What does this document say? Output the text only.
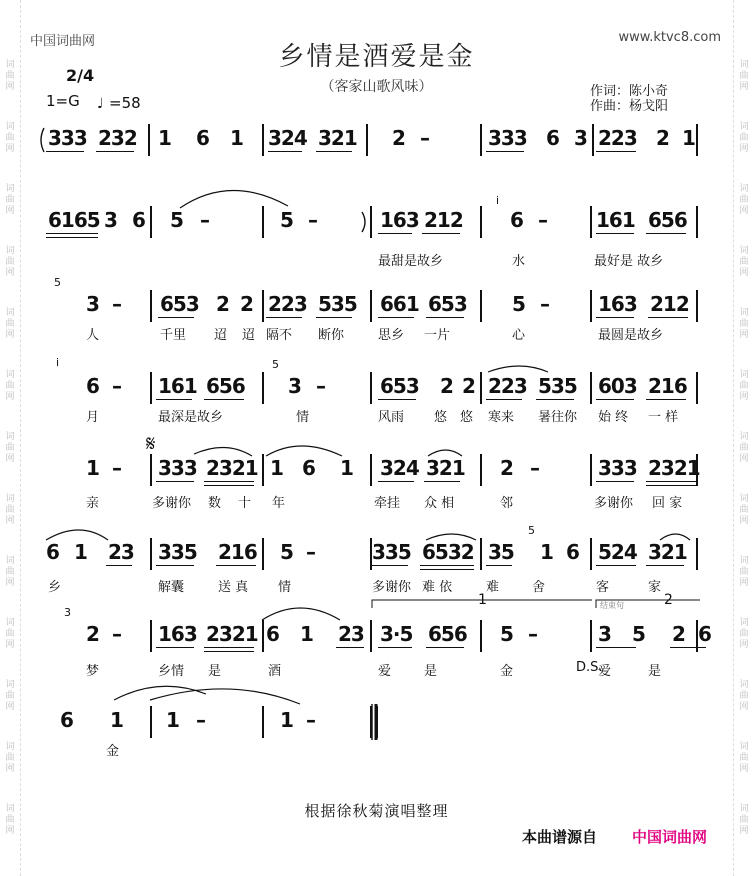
词
曲
网
词
曲
网
词
曲
网
词
曲
网
词
曲
网
词
曲
网
词
曲
网
词
曲
网
词
曲
网
词
曲
网
词
曲
网
词
曲
网
词
曲
网
词
曲
网
词
曲
网
词
曲
网
词
曲
网
词
曲
网
词
曲
网
词
曲
网
词
曲
网
词
曲
网
词
曲
网
词
曲
网
词
曲
网
词
曲
网
中国词曲网	www.ktvc8.com
乡情是酒爱是金
（客家山歌风味）
2/4
1=G ♩ =58
作词：陈小奇
作曲：杨戈阳
333 232 1 6 1 324 321 2 –	333 6 3 223 2 1
6165 3 6 5 –	5 –	163 212 6 – 161 656
最甜是故乡	水	最好是 故乡
3 – 653 2 2 223 535 661 653 5 – 163 212
人	千里 迢 迢 隔不 断你	思乡 一片	心	最圆是故乡
6 – 161 656 3 –	653 2 2 223 535 603 216
月	最深是故乡	情	风雨 悠 悠 寒来 暑往你 始 终 一 样
1 – 333 2321 1 6 1 324 321 2 –	333 2321
亲	多谢你 数 十 年	牵挂 众 相	邻	多谢你 回 家
6 1 23 335 216 5 –	335 6532 35 1 6 524 321
乡	解囊	送 真 情	多谢你 难 依	难	舍	客	家
2 – 163 2321 6 1 23 3·5 656 5 –	3 5 2 6
梦	乡情 是	酒	爱	是	金	D.S.
爱	是
6 1 1 –	1 –
金
𝄋
i
5
i	5
5
3
1	2
结束句
根据徐秋菊演唱整理
本曲谱源自 中国词曲网
